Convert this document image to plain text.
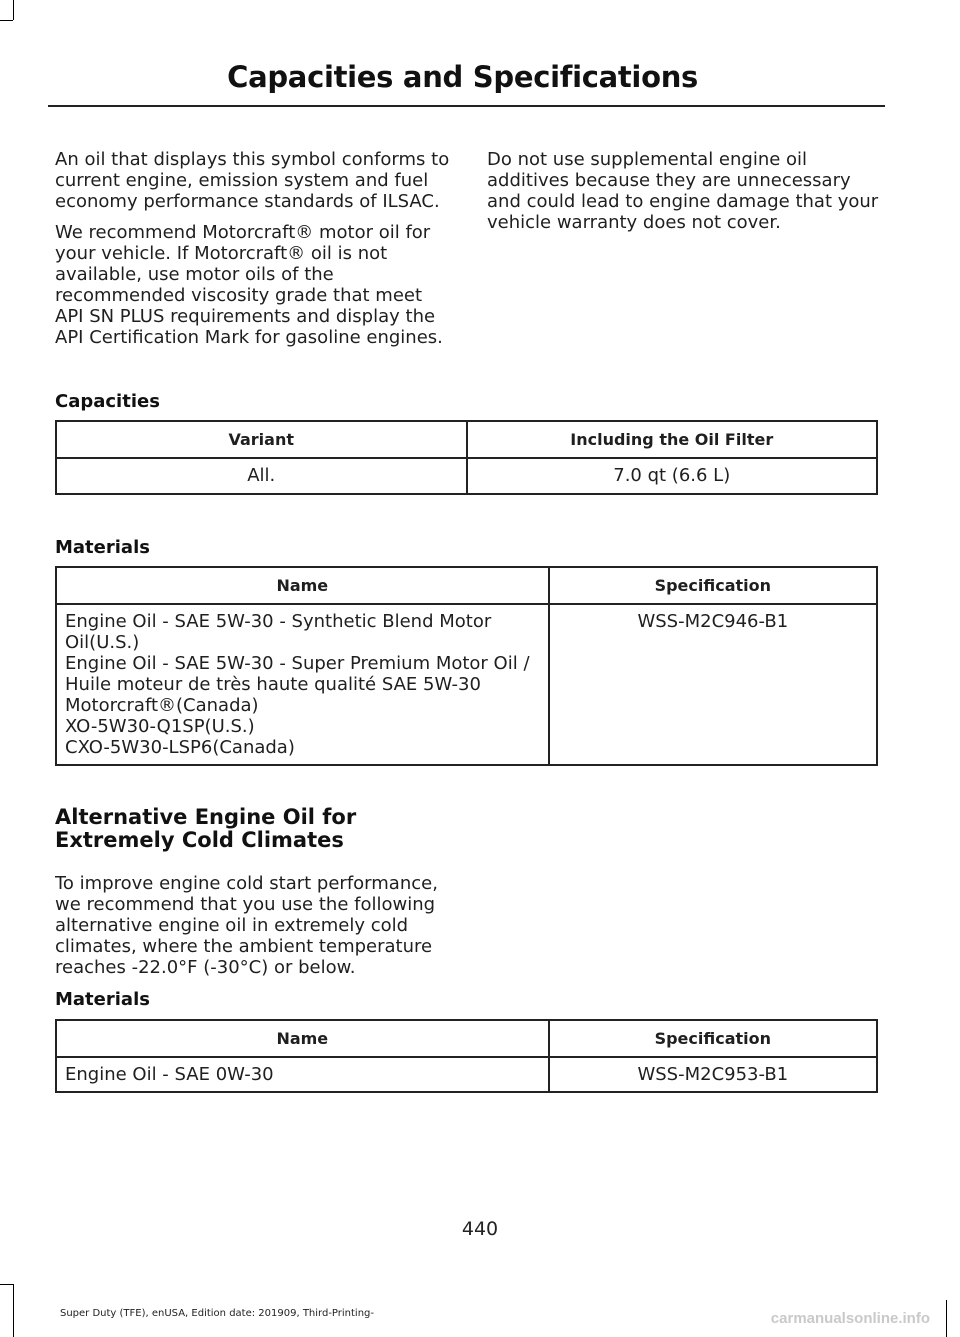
Capacities and Specifications

An oil that displays this symbol conforms to current engine, emission system and fuel economy performance standards of ILSAC.

We recommend Motorcraft® motor oil for your vehicle. If Motorcraft® oil is not available, use motor oils of the recommended viscosity grade that meet API SN PLUS requirements and display the API Certification Mark for gasoline engines.

Do not use supplemental engine oil additives because they are unnecessary and could lead to engine damage that your vehicle warranty does not cover.

Capacities
Variant	Including the Oil Filter
All.	7.0 qt (6.6 L)
Materials
Name	Specification

Engine Oil - SAE 5W-30 - Synthetic Blend Motor Oil(U.S.)
Engine Oil - SAE 5W-30 - Super Premium Motor Oil / Huile moteur de très haute qualité SAE 5W-30 Motorcraft®(Canada)
XO-5W30-Q1SP(U.S.)
CXO-5W30-LSP6(Canada)	WSS-M2C946-B1
Alternative Engine Oil for Extremely Cold Climates
To improve engine cold start performance, we recommend that you use the following alternative engine oil in extremely cold climates, where the ambient temperature reaches -22.0°F (-30°C) or below.
Materials
Name	Specification
Engine Oil - SAE 0W-30	WSS-M2C953-B1
440
Super Duty (TFE), enUSA, Edition date: 201909, Third-Printing-	carmanualsonline.info
